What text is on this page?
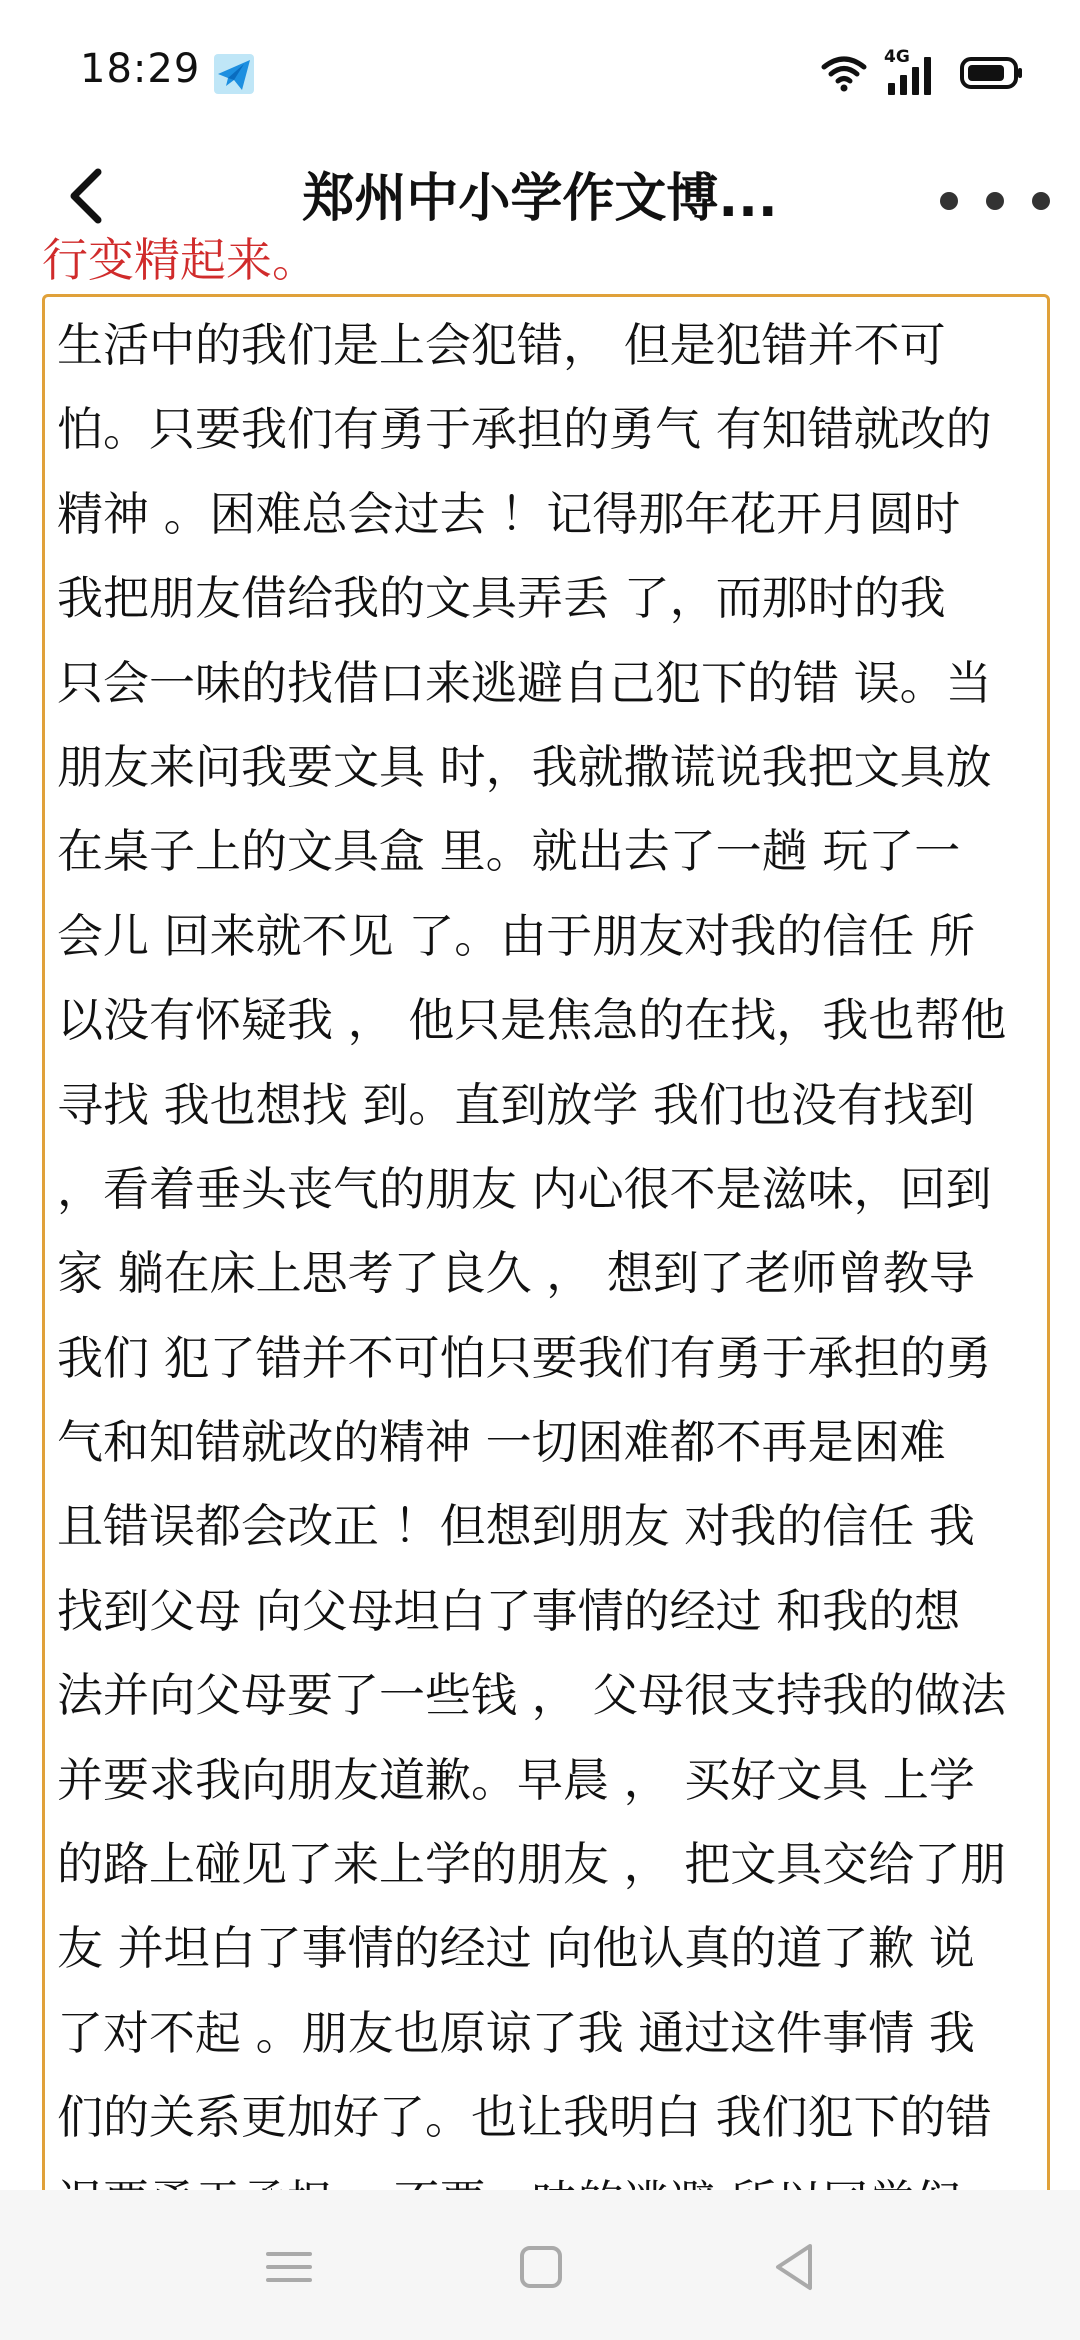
18:29	4G
郑州中小学作文博...
行变精起来。
生活中的我们是上会犯错， 但是犯错并不可
怕。只要我们有勇于承担的勇气 有知错就改的
精神 。困难总会过去 ！记得那年花开月圆时
我把朋友借给我的文具弄丢 了，而那时的我
只会一味的找借口来逃避自己犯下的错 误。当
朋友来问我要文具 时，我就撒谎说我把文具放
在桌子上的文具盒 里。就出去了一趟 玩了一
会儿 回来就不见 了。由于朋友对我的信任 所
以没有怀疑我 ， 他只是焦急的在找，我也帮他
寻找 我也想找 到。直到放学 我们也没有找到
，看着垂头丧气的朋友 内心很不是滋味，回到
家 躺在床上思考了良久 ， 想到了老师曾教导
我们 犯了错并不可怕只要我们有勇于承担的勇
气和知错就改的精神 一切困难都不再是困难
且错误都会改正 ！但想到朋友 对我的信任 我
找到父母 向父母坦白了事情的经过 和我的想
法并向父母要了一些钱 ， 父母很支持我的做法
并要求我向朋友道歉。早晨 ， 买好文具 上学
的路上碰见了来上学的朋友 ， 把文具交给了朋
友 并坦白了事情的经过 向他认真的道了歉 说
了对不起 。朋友也原谅了我 通过这件事情 我
们的关系更加好了。也让我明白 我们犯下的错
